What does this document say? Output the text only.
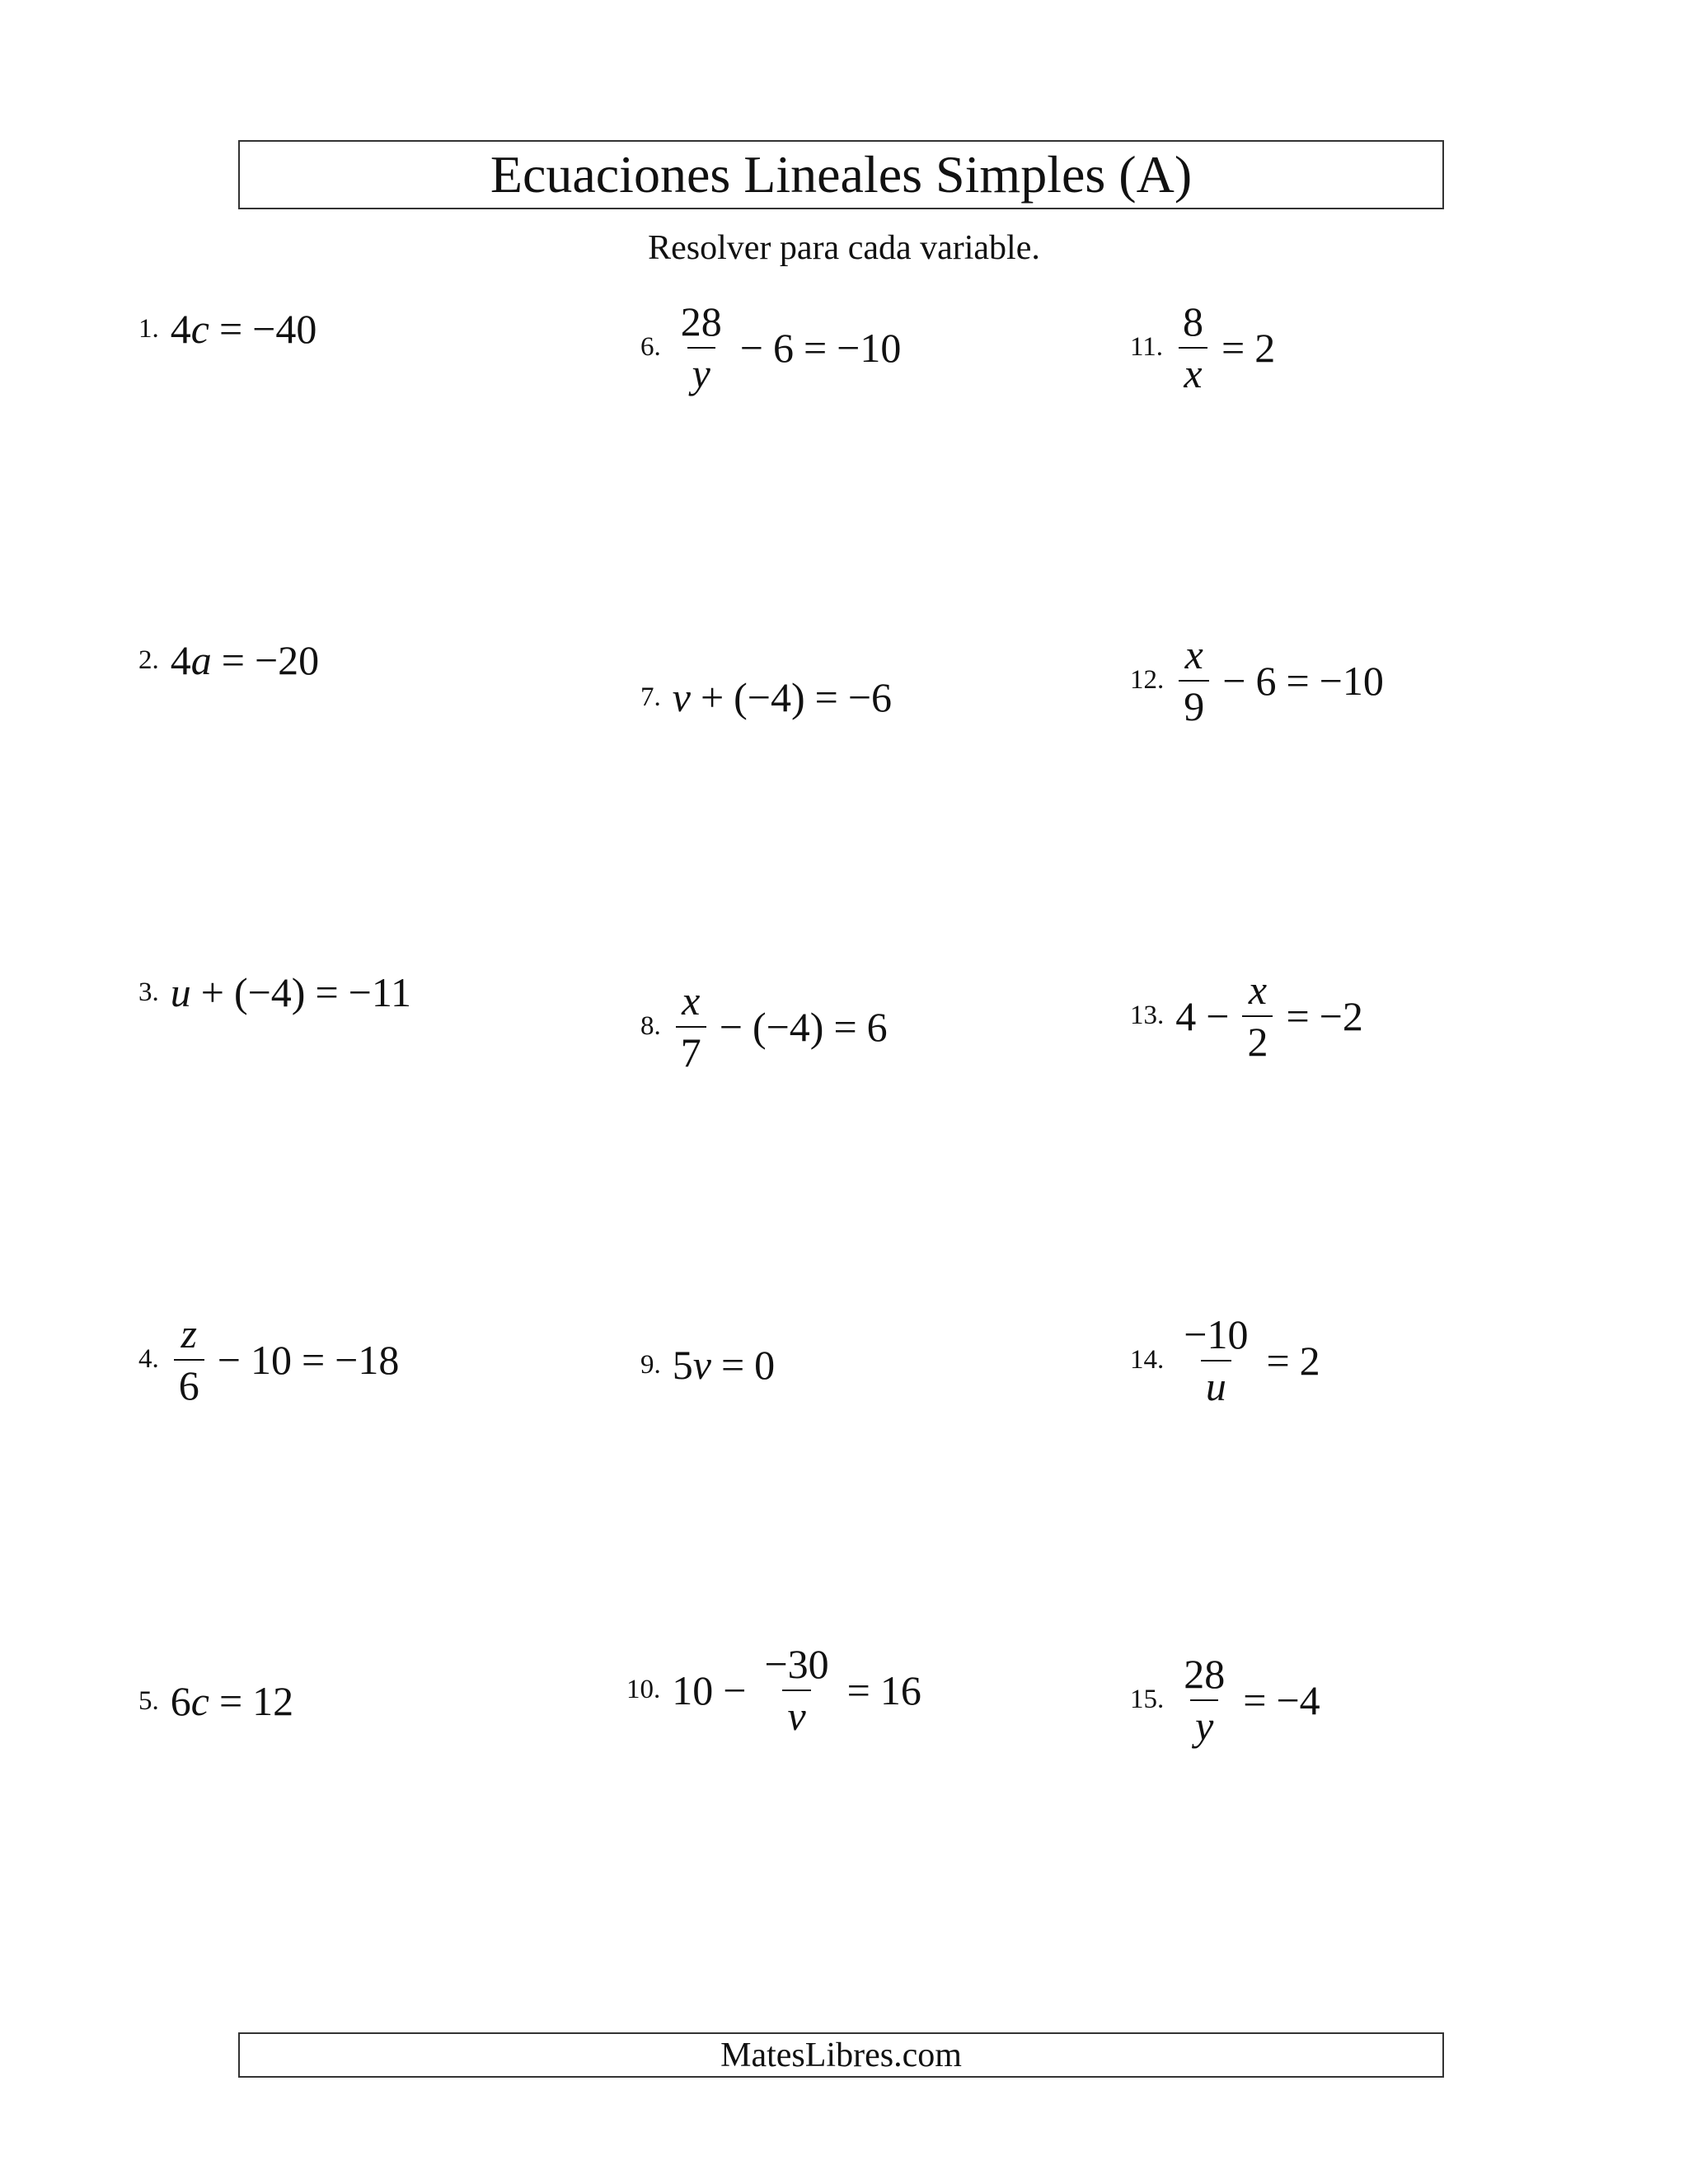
Ecuaciones Lineales Simples (A)
Resolver para cada variable.
1. 4 c = −40
2. 4 a = −20
3. u + (−4) = −11
4. $\frac{z}{6} - 10 = -18$
5. 6 c = 12
6. $\frac{28}{y} - 6 = -10$
7. v + (−4) = −6
8. $\frac{x}{7} - (-4) = 6$
9. 5 v = 0
10. $10 - \frac{-30}{v} = 16$
11. $\frac{8}{x} = 2$
12. $\frac{x}{9} - 6 = -10$
13. $4 - \frac{x}{2} = -2$
14. $\frac{-10}{u} = 2$
15. $\frac{28}{y} = -4$
MatesLibres.com
